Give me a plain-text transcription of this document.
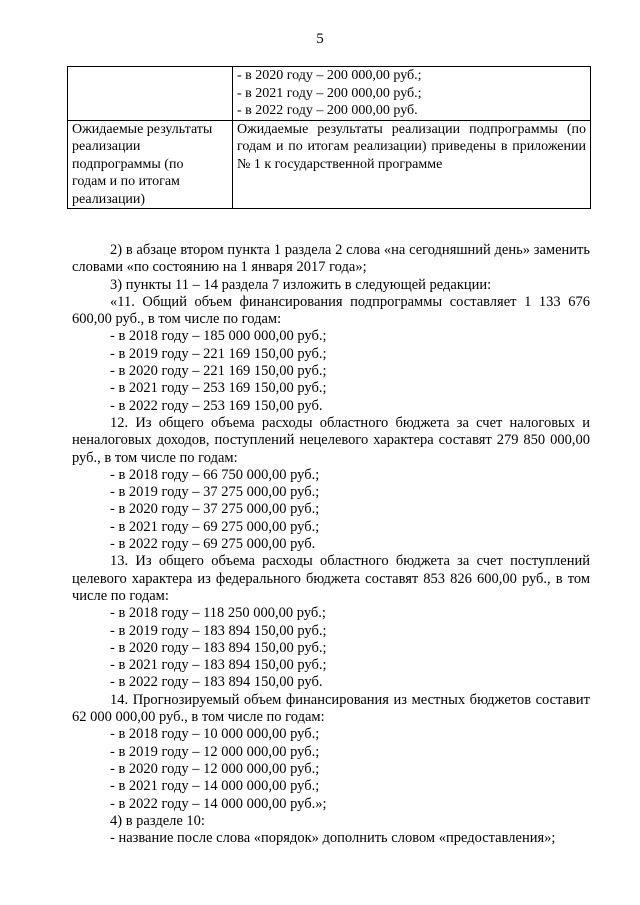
5

	- в 2020 году – 200 000,00 руб.;
- в 2021 году – 200 000,00 руб.;
- в 2022 году – 200 000,00 руб.

Ожидаемые результаты
реализации
подпрограммы (по
годам и по итогам
реализации)	Ожидаемые результаты реализации подпрограммы (по годам и по итогам реализации) приведены в приложении № 1 к государственной программе

2) в абзаце втором пункта 1 раздела 2 слова «на сегодняшний день» заменить словами «по состоянию на 1 января 2017 года»;

3) пункты 11 – 14 раздела 7 изложить в следующей редакции:

«11. Общий объем финансирования подпрограммы составляет 1 133 676 600,00 руб., в том числе по годам:

- в 2018 году – 185 000 000,00 руб.;

- в 2019 году – 221 169 150,00 руб.;

- в 2020 году – 221 169 150,00 руб.;

- в 2021 году – 253 169 150,00 руб.;

- в 2022 году – 253 169 150,00 руб.

12. Из общего объема расходы областного бюджета за счет налоговых и неналоговых доходов, поступлений нецелевого характера составят 279 850 000,00 руб., в том числе по годам:

- в 2018 году – 66 750 000,00 руб.;

- в 2019 году – 37 275 000,00 руб.;

- в 2020 году – 37 275 000,00 руб.;

- в 2021 году – 69 275 000,00 руб.;

- в 2022 году – 69 275 000,00 руб.

13. Из общего объема расходы областного бюджета за счет поступлений целевого характера из федерального бюджета составят 853 826 600,00 руб., в том числе по годам:

- в 2018 году – 118 250 000,00 руб.;

- в 2019 году – 183 894 150,00 руб.;

- в 2020 году – 183 894 150,00 руб.;

- в 2021 году – 183 894 150,00 руб.;

- в 2022 году – 183 894 150,00 руб.

14. Прогнозируемый объем финансирования из местных бюджетов составит 62 000 000,00 руб., в том числе по годам:

- в 2018 году – 10 000 000,00 руб.;

- в 2019 году – 12 000 000,00 руб.;

- в 2020 году – 12 000 000,00 руб.;

- в 2021 году – 14 000 000,00 руб.;

- в 2022 году – 14 000 000,00 руб.»;

4) в разделе 10:

- название после слова «порядок» дополнить словом «предоставления»;
